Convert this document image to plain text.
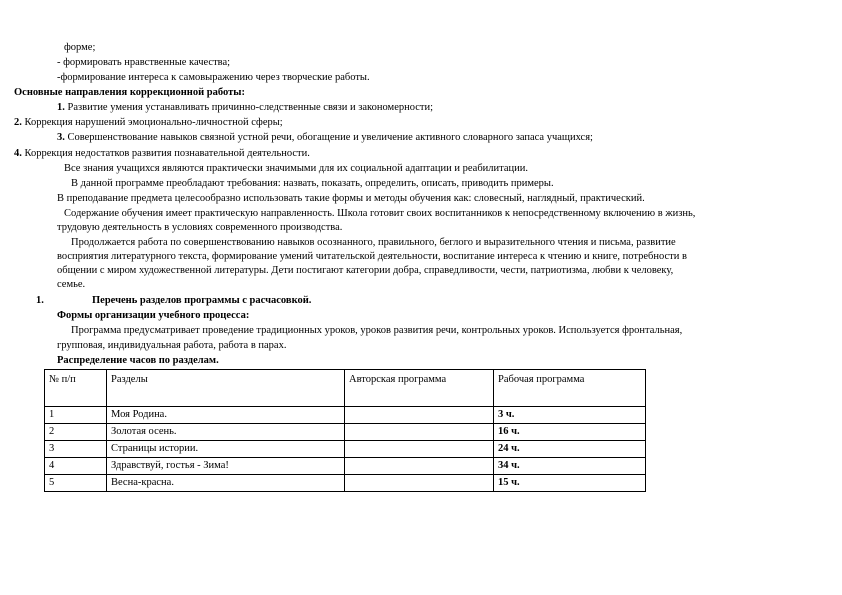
форме;
- формировать нравственные качества;
-формирование интереса к самовыражению через творческие работы.
Основные направления коррекционной работы:
1. Развитие умения устанавливать причинно-следственные связи и закономерности;
2. Коррекция нарушений эмоционально-личностной сферы;
3. Совершенствование навыков связной устной речи, обогащение и увеличение активного словарного запаса учащихся;
4. Коррекция недостатков развития познавательной деятельности.
Все знания учащихся являются практически значимыми для их социальной адаптации и реабилитации.
В данной программе преобладают требования: назвать, показать, определить, описать, приводить примеры.
В преподавание предмета целесообразно использовать такие формы и методы обучения как: словесный, наглядный, практический.
Содержание обучения имеет практическую направленность. Школа готовит своих воспитанников к непосредственному включению в жизнь,
трудовую деятельность в условиях современного производства.
Продолжается работа по совершенствованию навыков осознанного, правильного, беглого и выразительного чтения и письма, развитие
восприятия литературного текста, формирование умений читательской деятельности, воспитание интереса к чтению и книге, потребности в
общении с миром художественной литературы. Дети постигают категории добра, справедливости, чести, патриотизма, любви к человеку,
семье.
1.	Перечень разделов программы с расчасовкой.
Формы организации учебного процесса:
Программа предусматривает проведение традиционных уроков, уроков развития речи, контрольных уроков. Используется фронтальная,
групповая, индивидуальная работа, работа в парах.
Распределение часов по разделам.
№ п/п	Разделы	Авторская программа	Рабочая программа
1	Моя Родина.		3 ч.
2	Золотая осень.		16 ч.
3	Страницы истории.		24 ч.
4	Здравствуй, гостья - Зима!		34 ч.
5	Весна-красна.		15 ч.
